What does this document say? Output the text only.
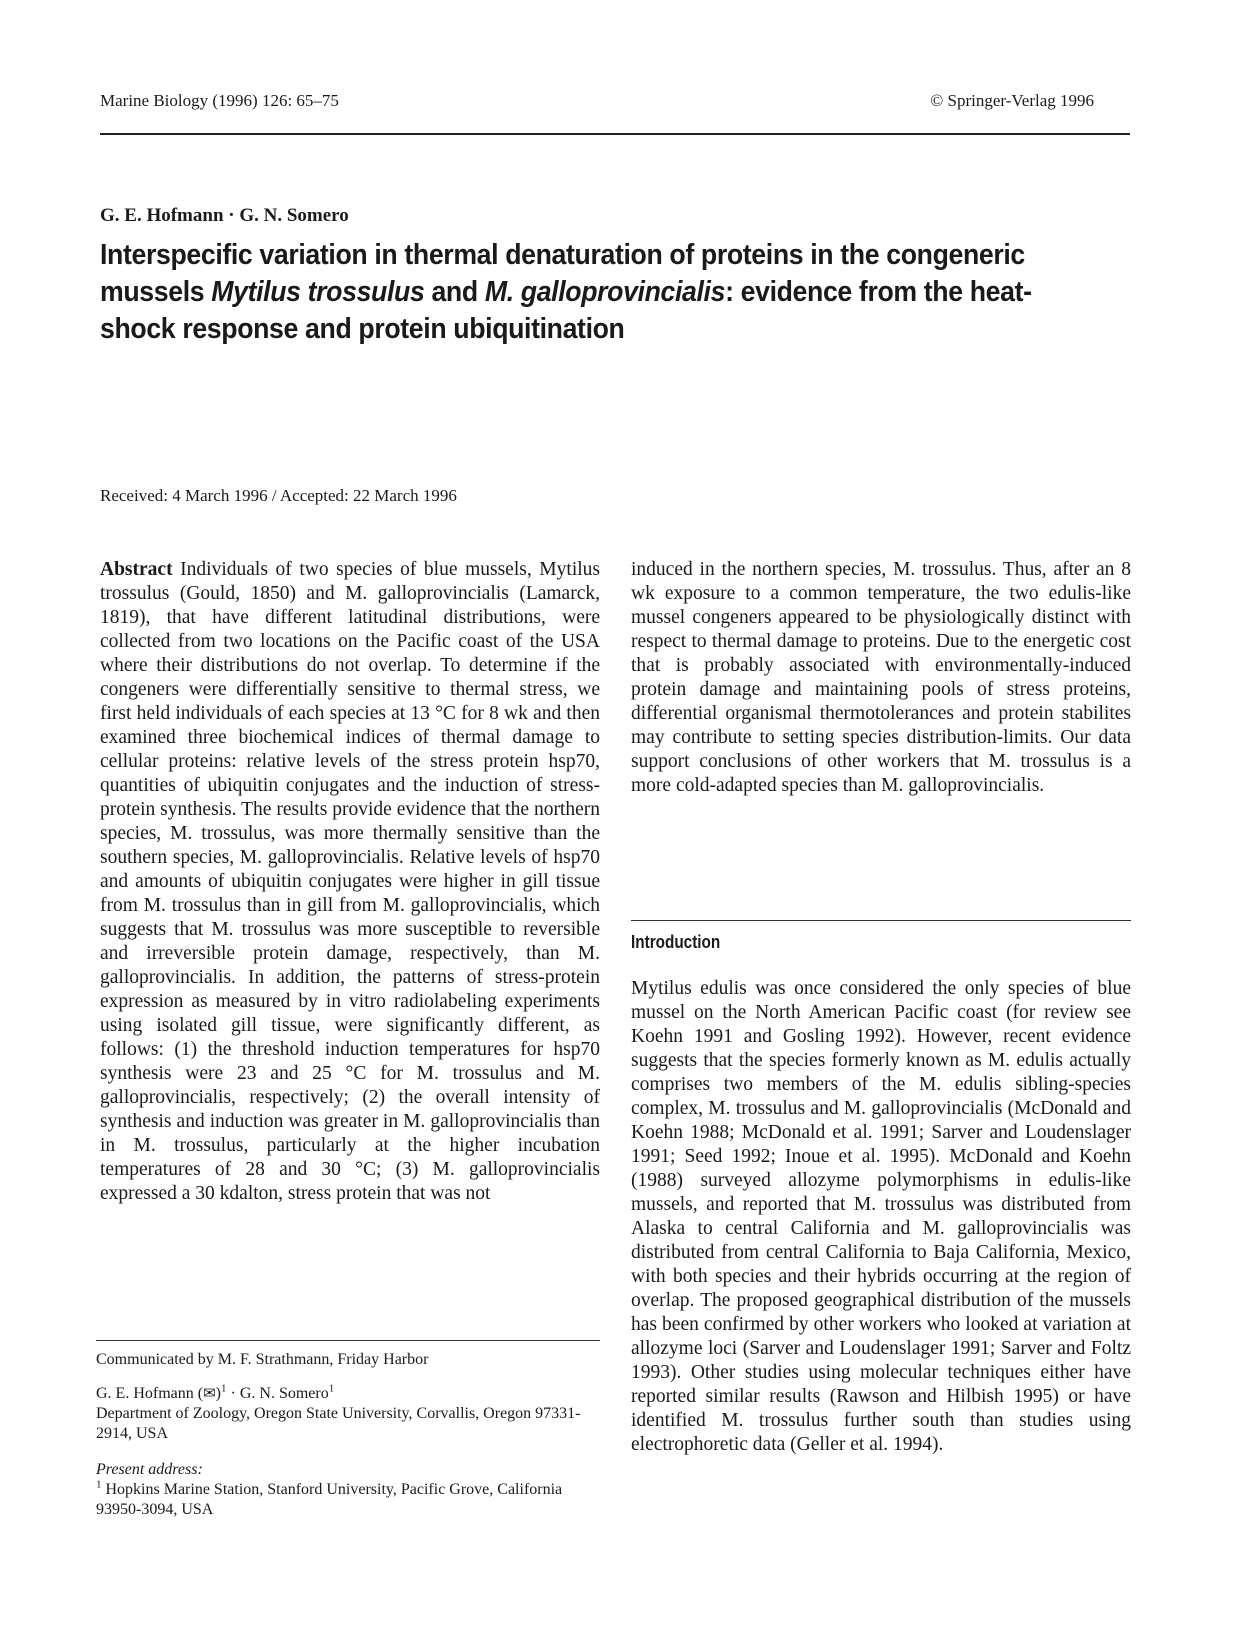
Marine Biology (1996) 126: 65–75	© Springer-Verlag 1996
G. E. Hofmann · G. N. Somero
Interspecific variation in thermal denaturation of proteins in the congeneric mussels Mytilus trossulus and M. galloprovincialis: evidence from the heat-shock response and protein ubiquitination
Received: 4 March 1996 / Accepted: 22 March 1996

Abstract Individuals of two species of blue mussels, Mytilus trossulus (Gould, 1850) and M. galloprovincialis (Lamarck, 1819), that have different latitudinal distributions, were collected from two locations on the Pacific coast of the USA where their distributions do not overlap. To determine if the congeners were differentially sensitive to thermal stress, we first held individuals of each species at 13 °C for 8 wk and then examined three biochemical indices of thermal damage to cellular proteins: relative levels of the stress protein hsp70, quantities of ubiquitin conjugates and the induction of stress-protein synthesis. The results provide evidence that the northern species, M. trossulus, was more thermally sensitive than the southern species, M. galloprovincialis. Relative levels of hsp70 and amounts of ubiquitin conjugates were higher in gill tissue from M. trossulus than in gill from M. galloprovincialis, which suggests that M. trossulus was more susceptible to reversible and irreversible protein damage, respectively, than M. galloprovincialis. In addition, the patterns of stress-protein expression as measured by in vitro radiolabeling experiments using isolated gill tissue, were significantly different, as follows: (1) the threshold induction temperatures for hsp70 synthesis were 23 and 25 °C for M. trossulus and M. galloprovincialis, respectively; (2) the overall intensity of synthesis and induction was greater in M. galloprovincialis than in M. trossulus, particularly at the higher incubation temperatures of 28 and 30 °C; (3) M. galloprovincialis expressed a 30 kdalton, stress protein that was not

induced in the northern species, M. trossulus. Thus, after an 8 wk exposure to a common temperature, the two edulis-like mussel congeners appeared to be physiologically distinct with respect to thermal damage to proteins. Due to the energetic cost that is probably associated with environmentally-induced protein damage and maintaining pools of stress proteins, differential organismal thermotolerances and protein stabilites may contribute to setting species distribution-limits. Our data support conclusions of other workers that M. trossulus is a more cold-adapted species than M. galloprovincialis.

Introduction

Mytilus edulis was once considered the only species of blue mussel on the North American Pacific coast (for review see Koehn 1991 and Gosling 1992). However, recent evidence suggests that the species formerly known as M. edulis actually comprises two members of the M. edulis sibling-species complex, M. trossulus and M. galloprovincialis (McDonald and Koehn 1988; McDonald et al. 1991; Sarver and Loudenslager 1991; Seed 1992; Inoue et al. 1995). McDonald and Koehn (1988) surveyed allozyme polymorphisms in edulis-like mussels, and reported that M. trossulus was distributed from Alaska to central California and M. galloprovincialis was distributed from central California to Baja California, Mexico, with both species and their hybrids occurring at the region of overlap. The proposed geographical distribution of the mussels has been confirmed by other workers who looked at variation at allozyme loci (Sarver and Loudenslager 1991; Sarver and Foltz 1993). Other studies using molecular techniques either have reported similar results (Rawson and Hilbish 1995) or have identified M. trossulus further south than studies using electrophoretic data (Geller et al. 1994).

Communicated by M. F. Strathmann, Friday Harbor

G. E. Hofmann (✉)$^1$ · G. N. Somero$^1$

Department of Zoology, Oregon State University, Corvallis, Oregon 97331-2914, USA

Present address:

$^1$ Hopkins Marine Station, Stanford University, Pacific Grove, California 93950-3094, USA
